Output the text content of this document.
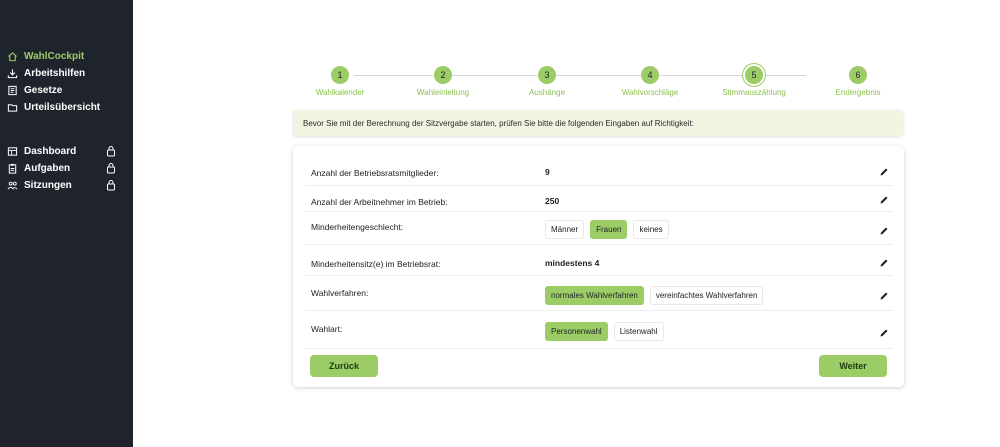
WahlCockpit
Arbeitshilfen
Gesetze
Urteilsübersicht
Dashboard
Aufgaben
Sitzungen
1
Wahlkalender
2
Wahleinleitung
3
Aushänge
4
Wahlvorschläge
5
Stimmauszählung
6
Endergebnis
Bevor Sie mit der Berechnung der Sitzvergabe starten, prüfen Sie bitte die folgenden Eingaben auf Richtigkeit:
Anzahl der Betriebsratsmitglieder:	9
Anzahl der Arbeitnehmer im Betrieb:	250
Minderheitengeschlecht:	Männer	Frauen	keines
Minderheitensitz(e) im Betriebsrat:	mindestens 4
Wahlverfahren:	normales Wahlverfahren	vereinfachtes Wahlverfahren
Wahlart:	Personenwahl	Listenwahl
Zurück	Weiter
